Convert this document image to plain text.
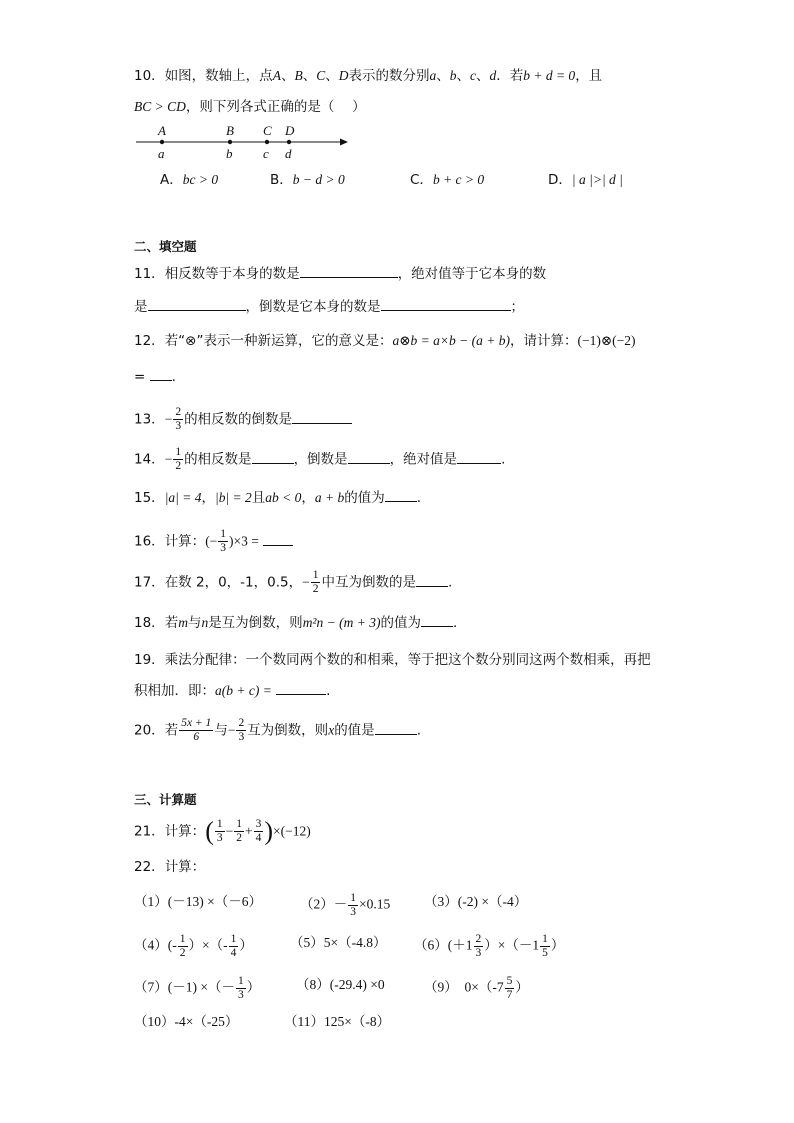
10．如图，数轴上，点A、B、C、D表示的数分别a、b、c、d．若b + d = 0，且
BC > CD，则下列各式正确的是（　 ）
A	B C D
a	b c d
A．bc > 0	B．b − d > 0	C．b + c > 0	D．| a |>| d |
二、填空题
11．相反数等于本身的数是	，绝对值等于它本身的数
是	，倒数是它本身的数是	；
12．若“⊗”表示一种新运算，它的意义是：a⊗b = a×b − (a + b)，请计算：(−1)⊗(−2)
= .
13．− $\frac{2}{3}$ 的相反数的倒数是
14．− $\frac{1}{2}$ 的相反数是	，倒数是	，绝对值是	.
15．|a| = 4，|b| = 2且ab < 0，a + b的值为 .
16．计算：(− $\frac{1}{3} )\times 3$ =
17．在数 2，0，-1，0.5，− $\frac{1}{2}$ 中互为倒数的是 .
18．若m与n是互为倒数，则m²n − (m + 3)的值为 .
19．乘法分配律：一个数同两个数的和相乘，等于把这个数分别同这两个数相乘，再把
积相加．即：a(b + c) =	.
20．若 $\frac{5x + 1}{6}$ 与− $\frac{2}{3}$ 互为倒数，则x的值是	.
三、计算题
21．计算：( $\frac{1}{3} - \frac{1}{2} + \frac{3}{4} )\times(-12)$
22．计算：
（1）(－13) ×（－6）	$(2)- \frac{1}{3} \times 0.15$	（3）(-2) ×（-4）
$(4)(- \frac{1}{2}$ ）×（- $\frac{1}{4}$ ）	（5）5×（-4.8） $(6)(+1 \frac{2}{3} )\times(-1 \frac{1}{5}$ ）
（7）(－1) ×（－ $\frac{1}{3}$ ）	（8）(-29.4) ×0	（9）　$0\times(-7 \frac{5}{7}$ ）
（10）-4×（-25）	（11）125×（-8）
